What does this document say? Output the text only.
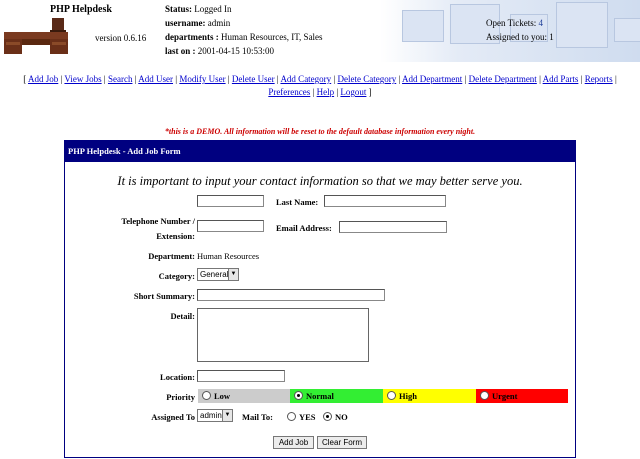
PHP Helpdesk
version 0.6.16
Status: Logged In
username: admin
departments : Human Resources, IT, Sales
last on : 2001-04-15 10:53:00
Open Tickets: 4
Assigned to you: 1
[ Add Job | View Jobs | Search | Add User | Modify User | Delete User | Add Category | Delete Category | Add Department | Delete Department | Add Parts | Reports |
Preferences | Help | Logout ]
*this is a DEMO. All information will be reset to the default database information every night.
PHP Helpdesk - Add Job Form
It is important to input your contact information so that we may better serve you.
Last Name:
Telephone Number /
Extension:
Email Address:
Department: Human Resources
Category: General ▼
Short Summary:
Detail:
Location:
Priority	Low	Normal	High	Urgent
Assigned To admin ▼ Mail To:	YES	NO
Add Job	Clear Form
